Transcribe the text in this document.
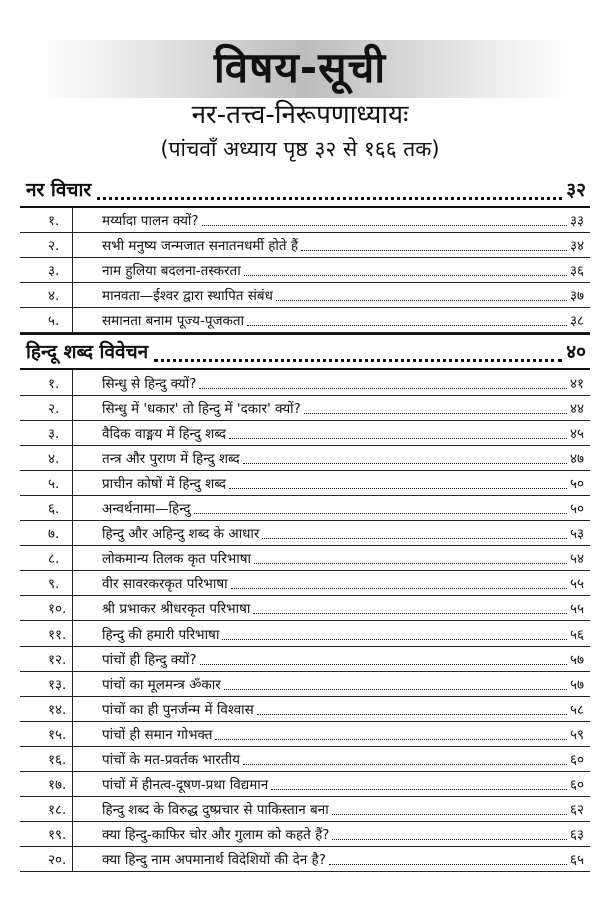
विषय-सूची
नर-तत्त्व-निरूपणाध्यायः
(पांचवाँ अध्याय पृष्ठ ३२ से १६६ तक)
नर विचार	३२
१.	मर्य्यादा पालन क्यों?	३३
२.	सभी मनुष्य जन्मजात सनातनधर्मी होते हैं	३४
३.	नाम हुलिया बदलना-तस्करता	३६
४.	मानवता—ईश्वर द्वारा स्थापित संबंध	३७
५.	समानता बनाम पूज्य-पूजकता	३८
हिन्दू शब्द विवेचन	४०
१.	सिन्धु से हिन्दु क्यों?	४१
२.	सिन्धु में 'धकार' तो हिन्दु में 'दकार' क्यों?	४४
३.	वैदिक वाङ्मय में हिन्दु शब्द	४५
४.	तन्त्र और पुराण में हिन्दु शब्द	४७
५.	प्राचीन कोषों में हिन्दु शब्द	५०
६.	अन्वर्थनामा—हिन्दु	५०
७.	हिन्दु और अहिन्दु शब्द के आधार	५३
८.	लोकमान्य तिलक कृत परिभाषा	५४
९.	वीर सावरकरकृत परिभाषा	५५
१०.	श्री प्रभाकर श्रीधरकृत परिभाषा	५५
११.	हिन्दु की हमारी परिभाषा	५६
१२.	पांचों ही हिन्दु क्यों?	५७
१३.	पांचों का मूलमन्त्र ॐकार	५७
१४.	पांचों का ही पुनर्जन्म में विश्वास	५८
१५.	पांचों ही समान गोभक्त	५९
१६.	पांचों के मत-प्रवर्तक भारतीय	६०
१७.	पांचों में हीनत्व-दूषण-प्रथा विद्यमान	६०
१८.	हिन्दु शब्द के विरुद्ध दुष्प्रचार से पाकिस्तान बना	६२
१९.	क्या हिन्दु-काफिर चोर और गुलाम को कहते हैं?	६३
२०.	क्या हिन्दु नाम अपमानार्थ विदेशियों की देन है?	६५
